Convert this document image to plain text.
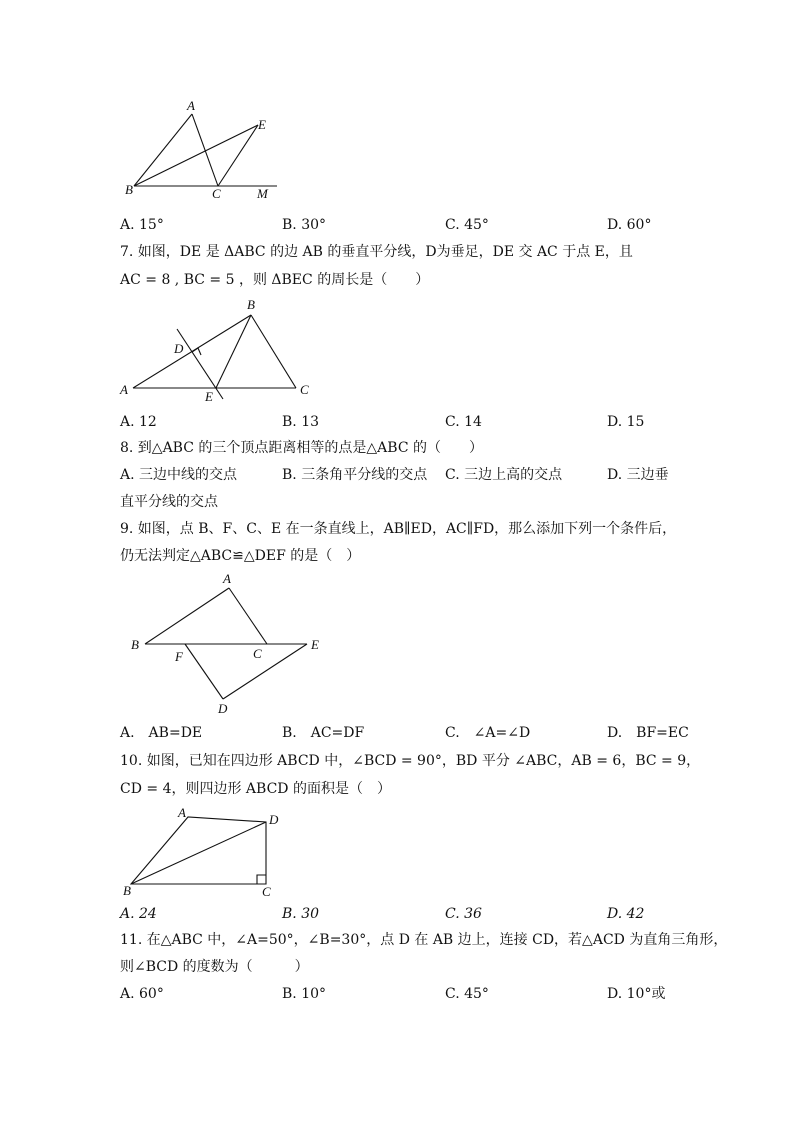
A
E
B	C	M
A. 15°	B. 30°	C. 45°	D. 60°
7. 如图，DE 是 ΔABC 的边 AB 的垂直平分线，D为垂足，DE 交 AC 于点 E，且
AC = 8 , BC = 5 ，则 ΔBEC 的周长是（　　）
B
D
A	E	C
A. 12	B. 13	C. 14	D. 15
8. 到△ABC 的三个顶点距离相等的点是△ABC 的（　　）
A. 三边中线的交点	B. 三条角平分线的交点 C. 三边上高的交点	D. 三边垂
直平分线的交点
9. 如图，点 B、F、C、E 在一条直线上，AB∥ED，AC∥FD，那么添加下列一个条件后，
仍无法判定△ABC≌△DEF 的是（　）
A
B	E
F	C
D
A.　AB=DE	B.　AC=DF	C.　∠A=∠D	D.　BF=EC
10. 如图，已知在四边形 ABCD 中，∠BCD = 90°，BD 平分 ∠ABC，AB = 6，BC = 9，
CD = 4，则四边形 ABCD 的面积是（　）
A	D
B	C
A. 24	B. 30	C. 36	D. 42
11. 在△ABC 中，∠A=50°，∠B=30°，点 D 在 AB 边上，连接 CD，若△ACD 为直角三角形，
则∠BCD 的度数为（　　　）
A. 60°	B. 10°	C. 45°	D. 10°或
